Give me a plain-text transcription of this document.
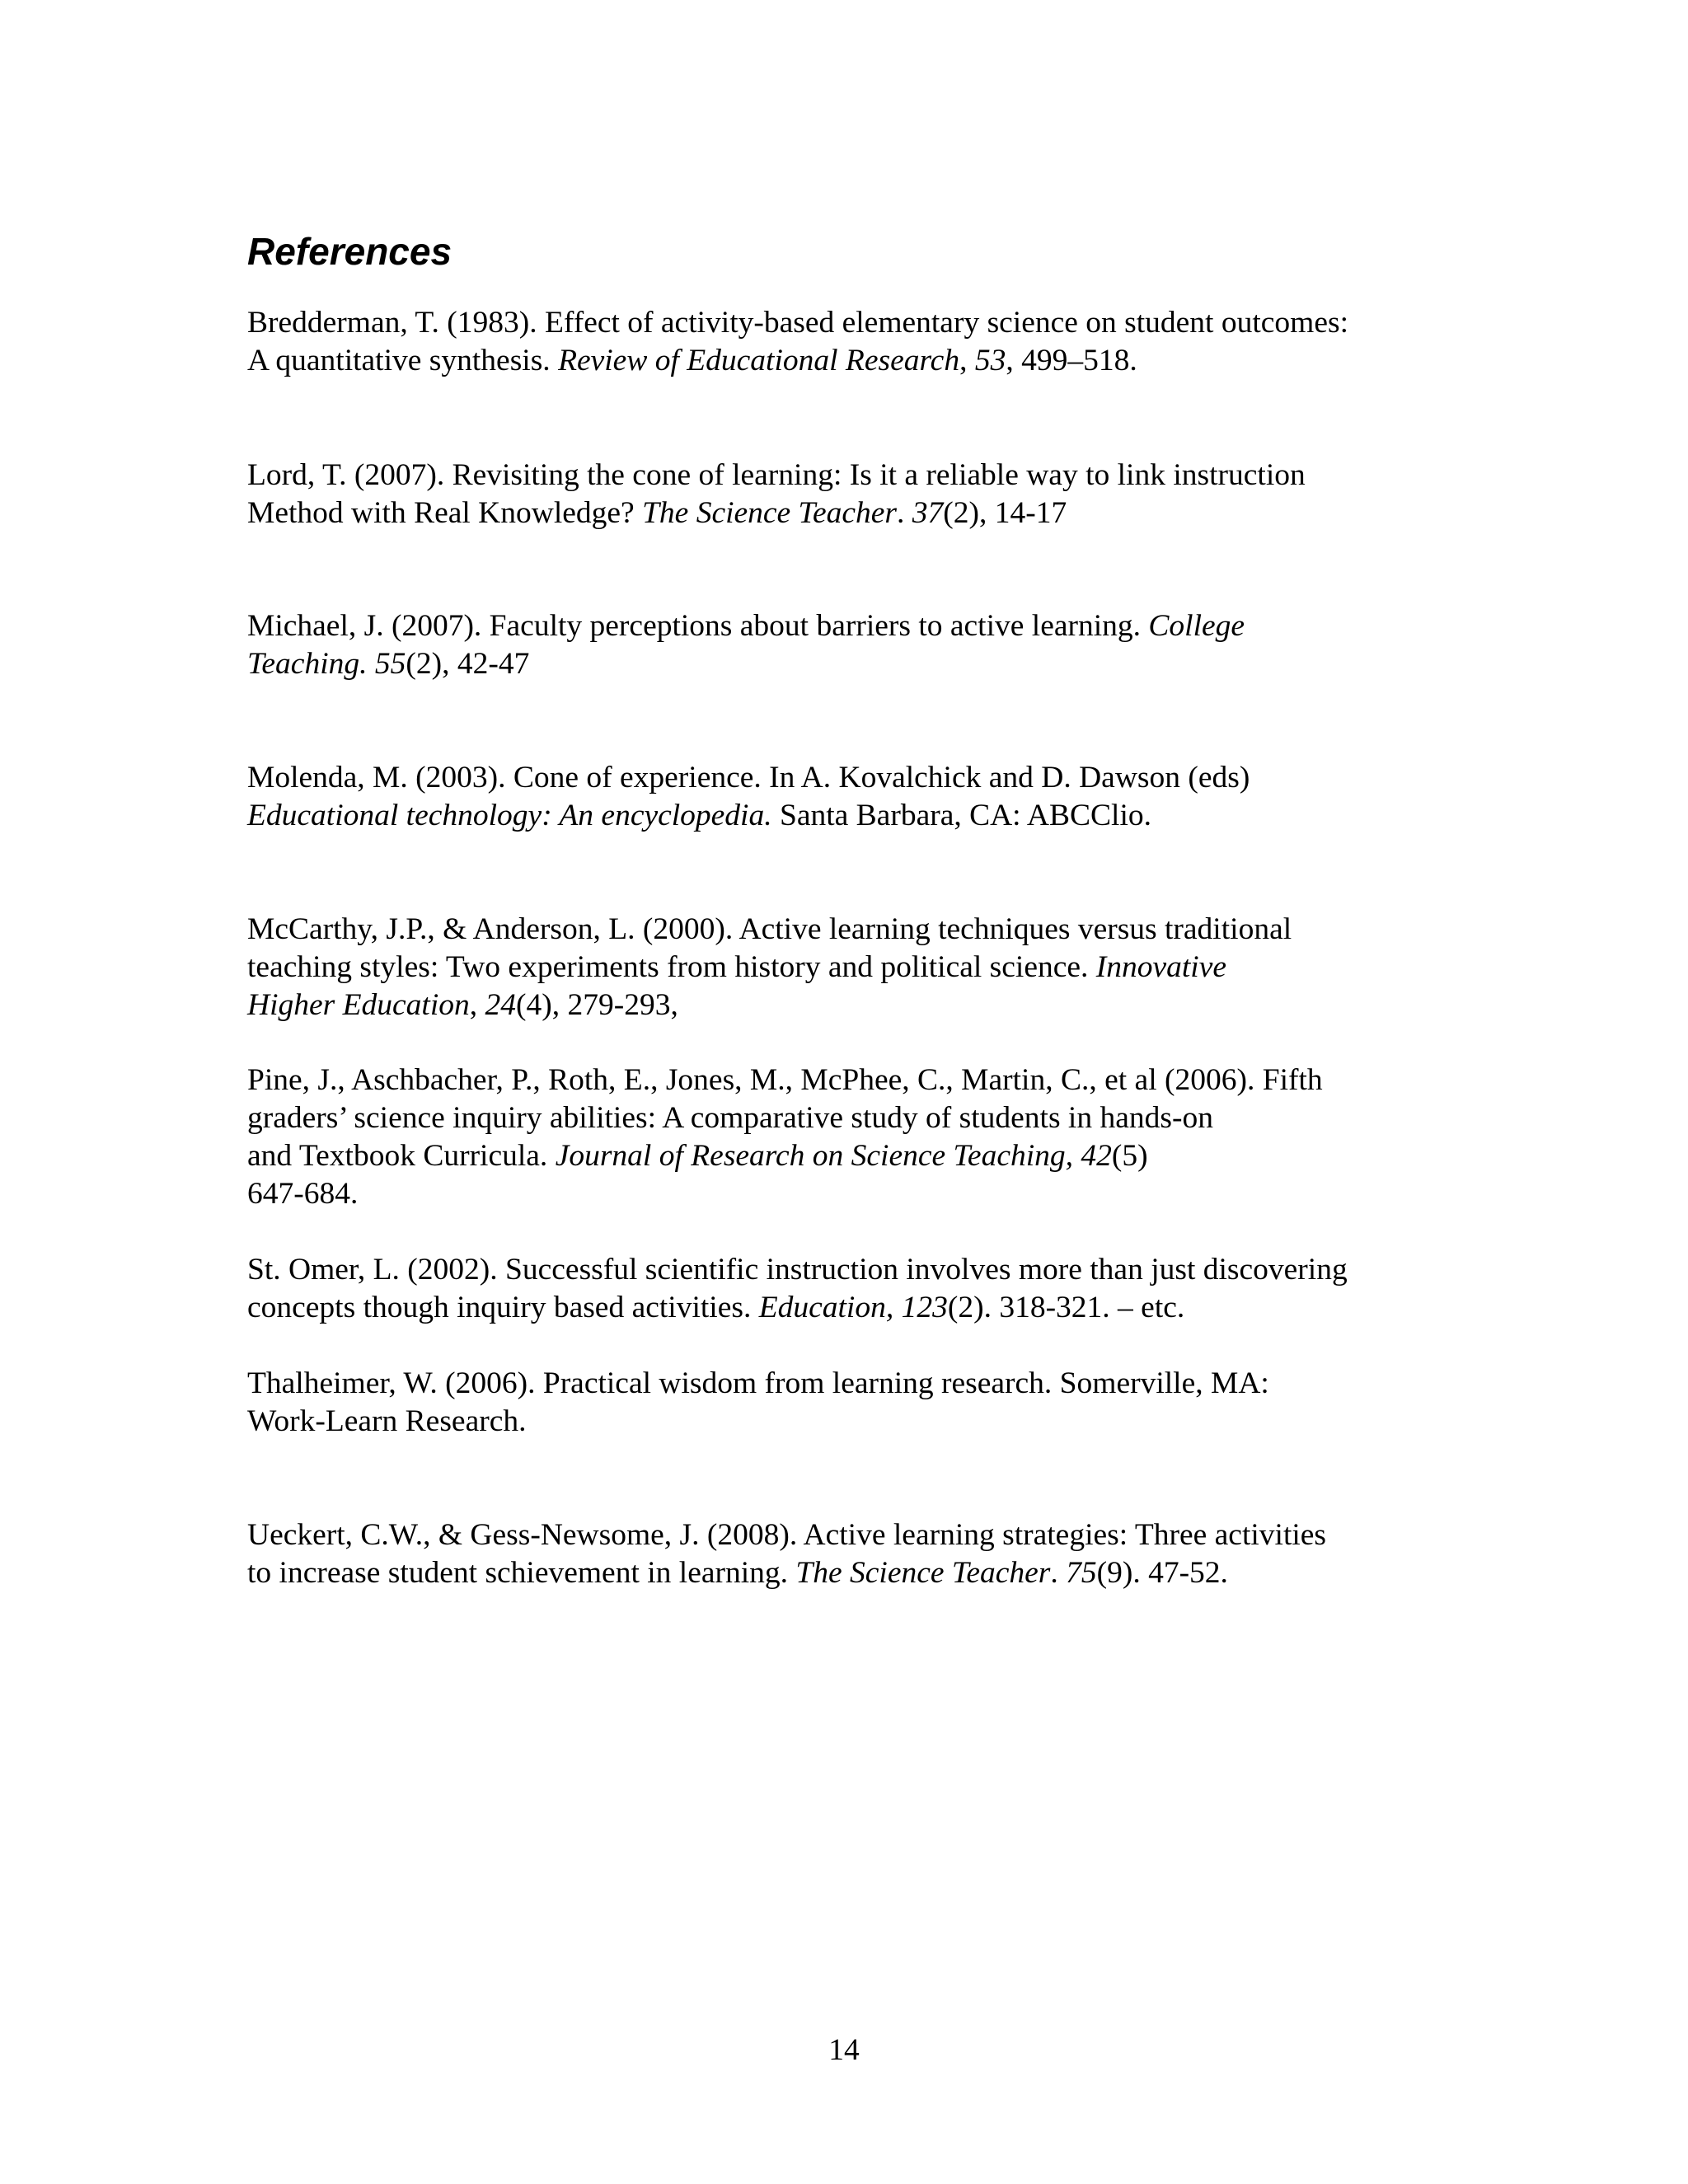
References

Bredderman, T. (1983). Effect of activity-based elementary science on student outcomes:
A quantitative synthesis. Review of Educational Research, 53, 499–518.

Lord, T. (2007). Revisiting the cone of learning: Is it a reliable way to link instruction
Method with Real Knowledge? The Science Teacher. 37(2), 14-17

Michael, J. (2007). Faculty perceptions about barriers to active learning. College
Teaching. 55(2), 42-47

Molenda, M. (2003). Cone of experience. In A. Kovalchick and D. Dawson (eds)
Educational technology: An encyclopedia. Santa Barbara, CA: ABCClio.

McCarthy, J.P., & Anderson, L. (2000). Active learning techniques versus traditional
teaching styles: Two experiments from history and political science. Innovative
Higher Education, 24(4), 279-293,

Pine, J., Aschbacher, P., Roth, E., Jones, M., McPhee, C., Martin, C., et al (2006). Fifth
graders’ science inquiry abilities: A comparative study of students in hands-on
and Textbook Curricula. Journal of Research on Science Teaching, 42(5)
647-684.

St. Omer, L. (2002). Successful scientific instruction involves more than just discovering
concepts though inquiry based activities. Education, 123(2). 318-321. – etc.

Thalheimer, W. (2006). Practical wisdom from learning research. Somerville, MA:
Work-Learn Research.

Ueckert, C.W., & Gess-Newsome, J. (2008). Active learning strategies: Three activities
to increase student schievement in learning. The Science Teacher. 75(9). 47-52.

14
